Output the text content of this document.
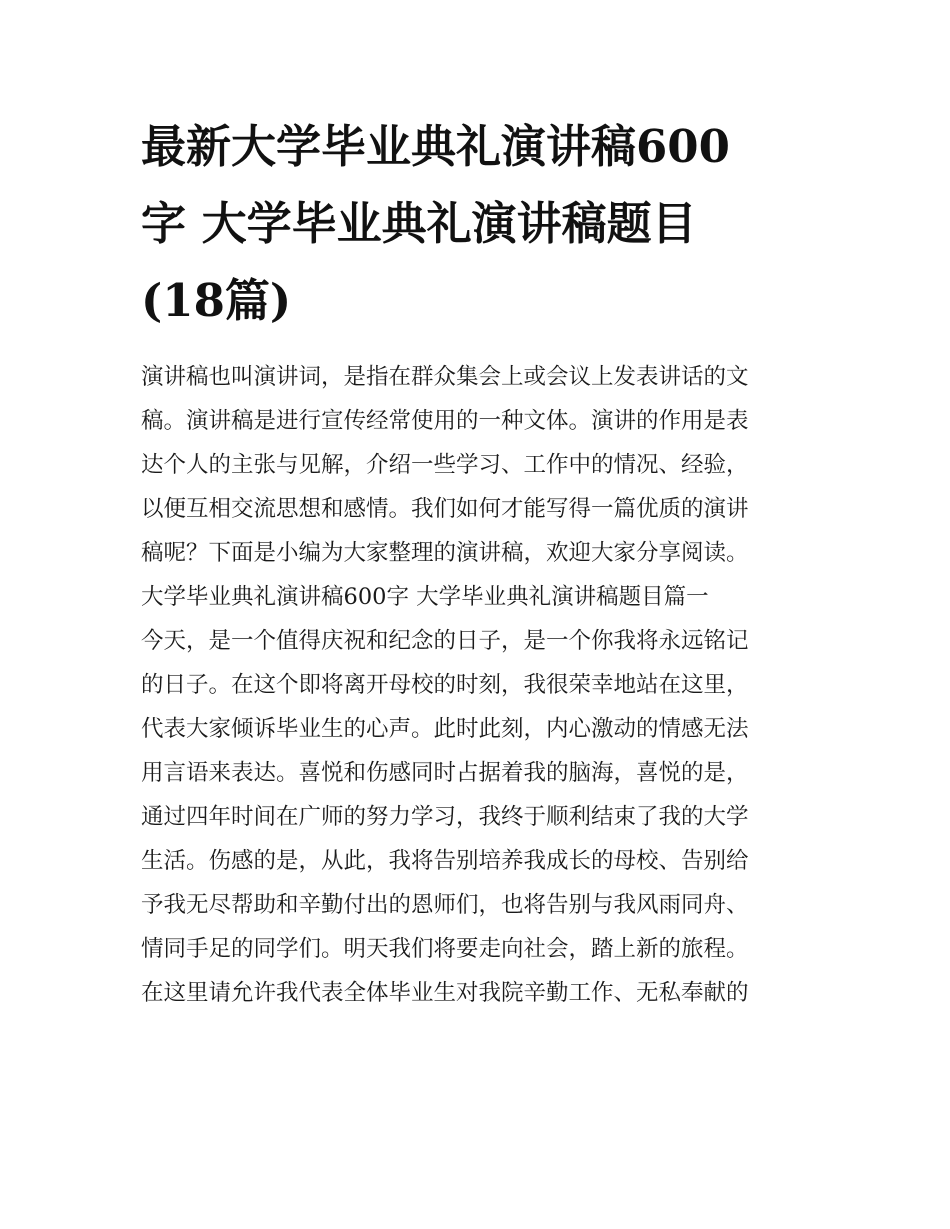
最新大学毕业典礼演讲稿600
字 大学毕业典礼演讲稿题目
(18篇)
演讲稿也叫演讲词，是指在群众集会上或会议上发表讲话的文
稿。演讲稿是进行宣传经常使用的一种文体。演讲的作用是表
达个人的主张与见解，介绍一些学习、工作中的情况、经验，
以便互相交流思想和感情。我们如何才能写得一篇优质的演讲
稿呢？下面是小编为大家整理的演讲稿，欢迎大家分享阅读。
大学毕业典礼演讲稿600字 大学毕业典礼演讲稿题目篇一
今天，是一个值得庆祝和纪念的日子，是一个你我将永远铭记
的日子。在这个即将离开母校的时刻，我很荣幸地站在这里，
代表大家倾诉毕业生的心声。此时此刻，内心激动的情感无法
用言语来表达。喜悦和伤感同时占据着我的脑海，喜悦的是，
通过四年时间在广师的努力学习，我终于顺利结束了我的大学
生活。伤感的是，从此，我将告别培养我成长的母校、告别给
予我无尽帮助和辛勤付出的恩师们，也将告别与我风雨同舟、
情同手足的同学们。明天我们将要走向社会，踏上新的旅程。
在这里请允许我代表全体毕业生对我院辛勤工作、无私奉献的
